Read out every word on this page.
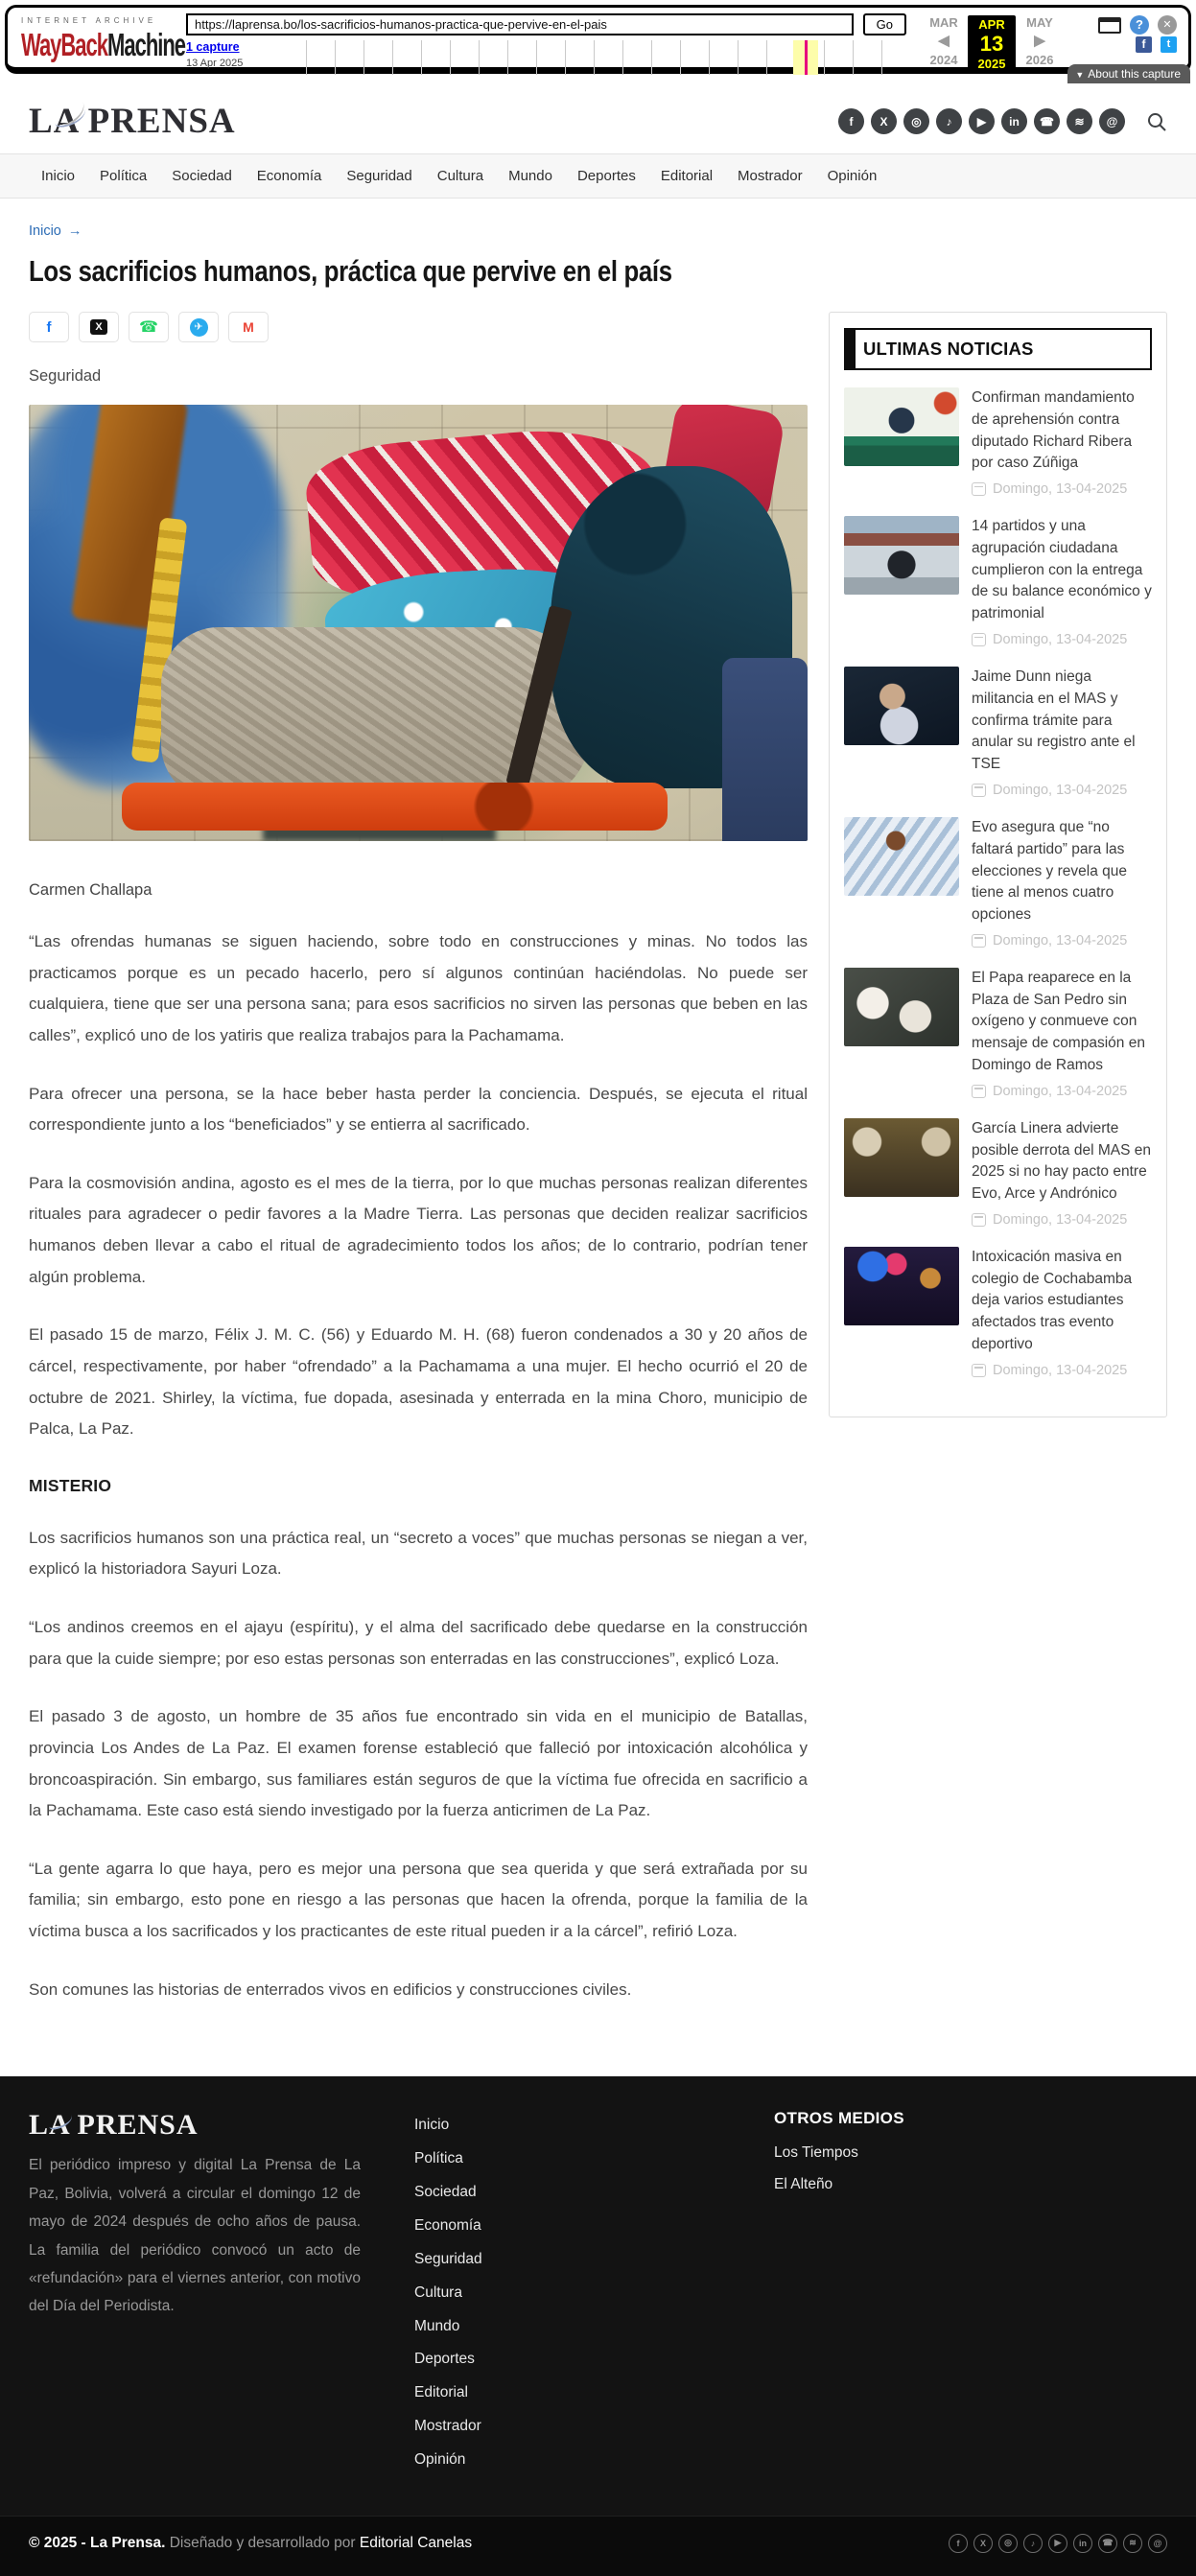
INTERNET ARCHIVE
WayBackMachine
https://laprensa.bo/los-sacrificios-humanos-practica-que-pervive-en-el-pais
Go
1 capture
13 Apr 2025
MAR
◀
2024
APR
13
2025
MAY
▶
2026
?	✕
f	t
▼ About this capture
LA PRENSA	f	X	◎	♪	▶	in	☎	≋	@
Inicio	Política	Sociedad	Economía	Seguridad	Cultura	Mundo	Deportes	Editorial	Mostrador	Opinión
Inicio →
Los sacrificios humanos, práctica que pervive en el país
f	X	☎	✈	M
Seguridad
Carmen Challapa

“Las ofrendas humanas se siguen haciendo, sobre todo en construcciones y minas. No todos las practicamos porque es un pecado hacerlo, pero sí algunos continúan haciéndolas. No puede ser cualquiera, tiene que ser una persona sana; para esos sacrificios no sirven las personas que beben en las calles”, explicó uno de los yatiris que realiza trabajos para la Pachamama.

Para ofrecer una persona, se la hace beber hasta perder la conciencia. Después, se ejecuta el ritual correspondiente junto a los “beneficiados” y se entierra al sacrificado.

Para la cosmovisión andina, agosto es el mes de la tierra, por lo que muchas personas realizan diferentes rituales para agradecer o pedir favores a la Madre Tierra. Las personas que deciden realizar sacrificios humanos deben llevar a cabo el ritual de agradecimiento todos los años; de lo contrario, podrían tener algún problema.

El pasado 15 de marzo, Félix J. M. C. (56) y Eduardo M. H. (68) fueron condenados a 30 y 20 años de cárcel, respectivamente, por haber “ofrendado” a la Pachamama a una mujer. El hecho ocurrió el 20 de octubre de 2021. Shirley, la víctima, fue dopada, asesinada y enterrada en la mina Choro, municipio de Palca, La Paz.

MISTERIO

Los sacrificios humanos son una práctica real, un “secreto a voces” que muchas personas se niegan a ver, explicó la historiadora Sayuri Loza.

“Los andinos creemos en el ajayu (espíritu), y el alma del sacrificado debe quedarse en la construcción para que la cuide siempre; por eso estas personas son enterradas en las construcciones”, explicó Loza.

El pasado 3 de agosto, un hombre de 35 años fue encontrado sin vida en el municipio de Batallas, provincia Los Andes de La Paz. El examen forense estableció que falleció por intoxicación alcohólica y broncoaspiración. Sin embargo, sus familiares están seguros de que la víctima fue ofrecida en sacrificio a la Pachamama. Este caso está siendo investigado por la fuerza anticrimen de La Paz.

“La gente agarra lo que haya, pero es mejor una persona que sea querida y que será extrañada por su familia; sin embargo, esto pone en riesgo a las personas que hacen la ofrenda, porque la familia de la víctima busca a los sacrificados y los practicantes de este ritual pueden ir a la cárcel”, refirió Loza.

Son comunes las historias de enterrados vivos en edificios y construcciones civiles.

ULTIMAS NOTICIAS
Confirman mandamiento de aprehensión contra diputado Richard Ribera por caso Zúñiga
Domingo, 13-04-2025
14 partidos y una agrupación ciudadana cumplieron con la entrega de su balance económico y patrimonial
Domingo, 13-04-2025
Jaime Dunn niega militancia en el MAS y confirma trámite para anular su registro ante el TSE
Domingo, 13-04-2025
Evo asegura que “no faltará partido” para las elecciones y revela que tiene al menos cuatro opciones
Domingo, 13-04-2025
El Papa reaparece en la Plaza de San Pedro sin oxígeno y conmueve con mensaje de compasión en Domingo de Ramos
Domingo, 13-04-2025
García Linera advierte posible derrota del MAS en 2025 si no hay pacto entre Evo, Arce y Andrónico
Domingo, 13-04-2025
Intoxicación masiva en colegio de Cochabamba deja varios estudiantes afectados tras evento deportivo
Domingo, 13-04-2025
LA PRENSA

El periódico impreso y digital La Prensa de La Paz, Bolivia, volverá a circular el domingo 12 de mayo de 2024 después de ocho años de pausa. La familia del periódico convocó un acto de «refundación» para el viernes anterior, con motivo del Día del Periodista.

Inicio
Política
Sociedad
Economía
Seguridad
Cultura
Mundo
Deportes
Editorial
Mostrador
Opinión
OTROS MEDIOS
Los Tiempos
El Alteño
© 2025 - La Prensa. Diseñado y desarrollado por Editorial Canelas	f	X	◎	♪	▶	in	☎	≋	@
